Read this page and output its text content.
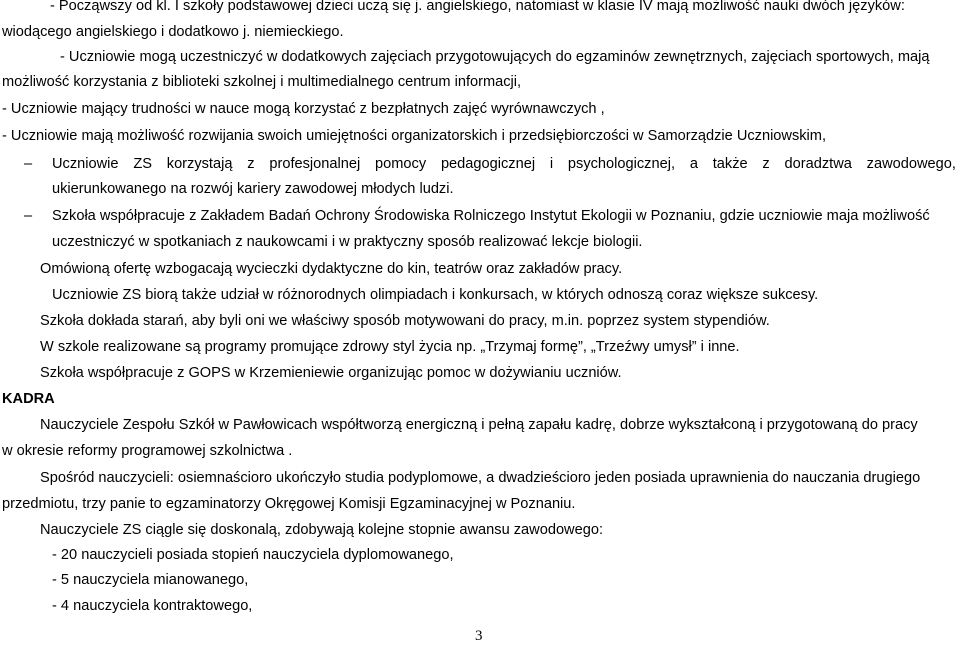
- Począwszy od kl. I szkoły podstawowej dzieci uczą się j. angielskiego, natomiast w klasie IV mają możliwość nauki dwóch języków:
wiodącego angielskiego i dodatkowo j. niemieckiego.
- Uczniowie mogą uczestniczyć w dodatkowych zajęciach przygotowujących do egzaminów zewnętrznych, zajęciach sportowych, mają
możliwość korzystania z biblioteki szkolnej i multimedialnego centrum informacji,
- Uczniowie mający trudności w nauce mogą korzystać z bezpłatnych zajęć wyrównawczych ,
- Uczniowie mają możliwość rozwijania swoich umiejętności organizatorskich i przedsiębiorczości w Samorządzie Uczniowskim,
– Uczniowie ZS korzystają z profesjonalnej pomocy pedagogicznej i psychologicznej, a także z doradztwa zawodowego,
ukierunkowanego na rozwój kariery zawodowej młodych ludzi.
– Szkoła współpracuje z Zakładem Badań Ochrony Środowiska Rolniczego Instytut Ekologii w Poznaniu, gdzie uczniowie maja możliwość
uczestniczyć w spotkaniach z naukowcami i w praktyczny sposób realizować lekcje biologii.
Omówioną ofertę wzbogacają wycieczki dydaktyczne do kin, teatrów oraz zakładów pracy.
Uczniowie ZS biorą także udział w różnorodnych olimpiadach i konkursach, w których odnoszą coraz większe sukcesy.
Szkoła dokłada starań, aby byli oni we właściwy sposób motywowani do pracy, m.in. poprzez system stypendiów.
W szkole realizowane są programy promujące zdrowy styl życia np. „Trzymaj formę”, „Trzeźwy umysł” i inne.
Szkoła współpracuje z GOPS w Krzemieniewie organizując pomoc w dożywianiu uczniów.
KADRA
Nauczyciele Zespołu Szkół w Pawłowicach współtworzą energiczną i pełną zapału kadrę, dobrze wykształconą i przygotowaną do pracy
w okresie reformy programowej szkolnictwa .
Spośród nauczycieli: osiemnaścioro ukończyło studia podyplomowe, a dwadzieścioro jeden posiada uprawnienia do nauczania drugiego
przedmiotu, trzy panie to egzaminatorzy Okręgowej Komisji Egzaminacyjnej w Poznaniu.
Nauczyciele ZS ciągle się doskonalą, zdobywają kolejne stopnie awansu zawodowego:
- 20 nauczycieli posiada stopień nauczyciela dyplomowanego,
- 5 nauczyciela mianowanego,
- 4 nauczyciela kontraktowego,
3
